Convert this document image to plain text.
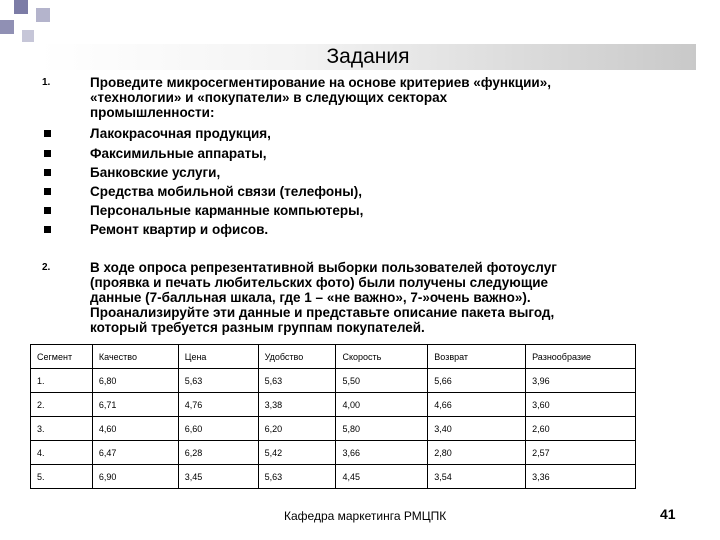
Задания
1.	Проведите микросегментирование на основе критериев «функции»,
«технологии» и «покупатели» в следующих секторах
промышленности:
Лакокрасочная продукция,
Факсимильные аппараты,
Банковские услуги,
Средства мобильной связи (телефоны),
Персональные карманные компьютеры,
Ремонт квартир и офисов.
2.	В ходе опроса репрезентативной выборки пользователей фотоуслуг
(проявка и печать любительских фото) были получены следующие
данные (7-балльная шкала, где 1 – «не важно», 7-»очень важно»).
Проанализируйте эти данные и представьте описание пакета выгод,
который требуется разным группам покупателей.
Сегмент	Качество	Цена	Удобство	Скорость	Возврат	Разнообразие
1.	6,80	5,63	5,63	5,50	5,66	3,96
2.	6,71	4,76	3,38	4,00	4,66	3,60
3.	4,60	6,60	6,20	5,80	3,40	2,60
4.	6,47	6,28	5,42	3,66	2,80	2,57
5.	6,90	3,45	5,63	4,45	3,54	3,36
Кафедра маркетинга РМЦПК	41
